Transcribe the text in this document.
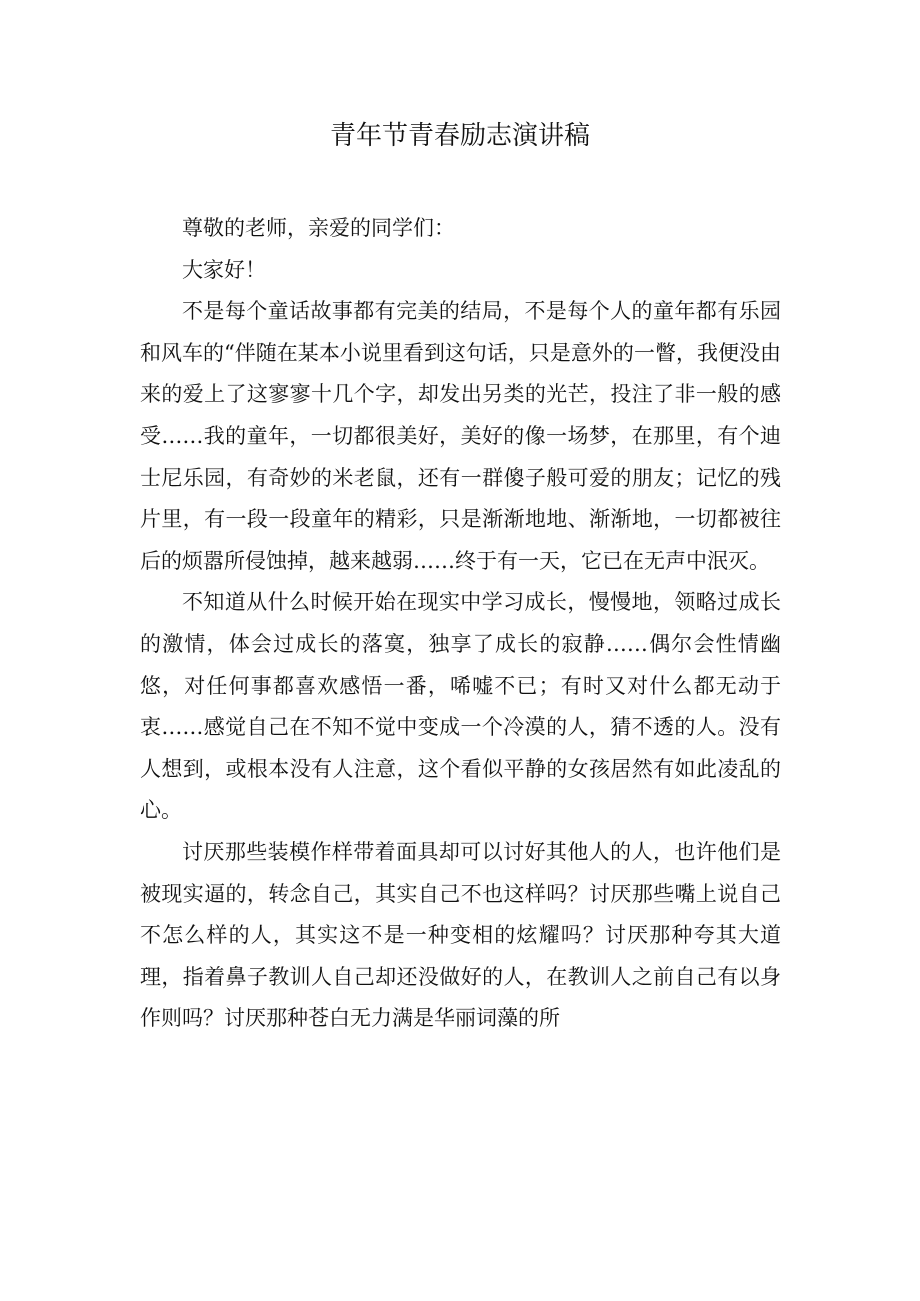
青年节青春励志演讲稿

尊敬的老师，亲爱的同学们：

大家好！

不是每个童话故事都有完美的结局，不是每个人的童年都有乐园和风车的“伴随在某本小说里看到这句话，只是意外的一瞥，我便没由来的爱上了这寥寥十几个字，却发出另类的光芒，投注了非一般的感受……我的童年，一切都很美好，美好的像一场梦，在那里，有个迪士尼乐园，有奇妙的米老鼠，还有一群傻子般可爱的朋友；记忆的残片里，有一段一段童年的精彩，只是渐渐地地、渐渐地，一切都被往后的烦嚣所侵蚀掉，越来越弱……终于有一天，它已在无声中泯灭。

不知道从什么时候开始在现实中学习成长，慢慢地，领略过成长的激情，体会过成长的落寞，独享了成长的寂静……偶尔会性情幽悠，对任何事都喜欢感悟一番，唏嘘不已；有时又对什么都无动于衷……感觉自己在不知不觉中变成一个冷漠的人，猜不透的人。没有人想到，或根本没有人注意，这个看似平静的女孩居然有如此凌乱的心。

讨厌那些装模作样带着面具却可以讨好其他人的人，也许他们是被现实逼的，转念自己，其实自己不也这样吗？讨厌那些嘴上说自己不怎么样的人，其实这不是一种变相的炫耀吗？讨厌那种夸其大道理，指着鼻子教训人自己却还没做好的人，在教训人之前自己有以身作则吗？讨厌那种苍白无力满是华丽词藻的所
